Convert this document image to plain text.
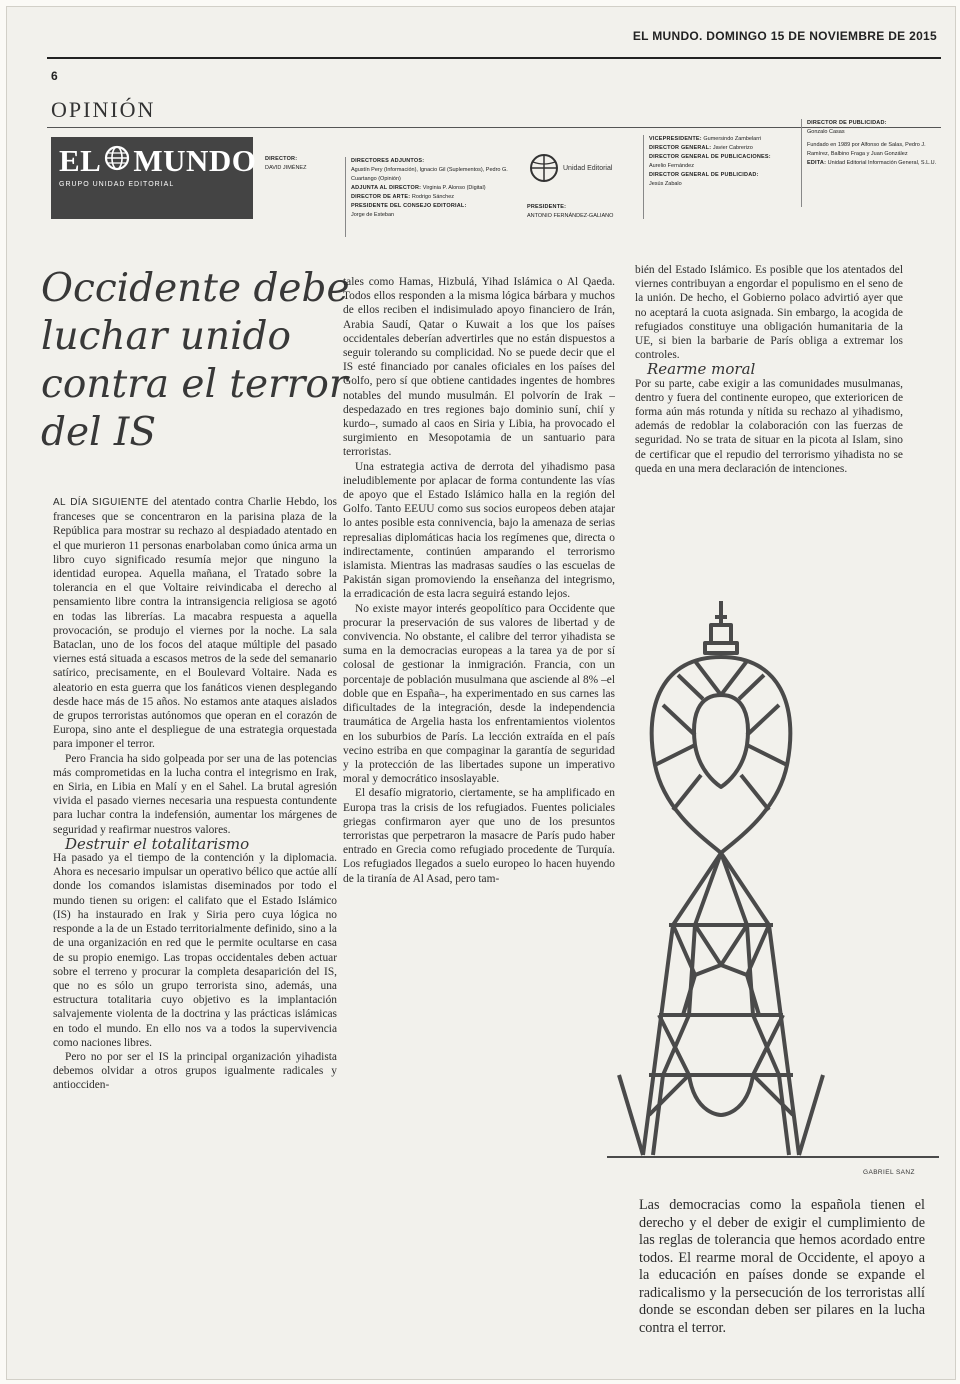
EL MUNDO. DOMINGO 15 DE NOVIEMBRE DE 2015
6
OPINIÓN
EL MUNDO
GRUPO UNIDAD EDITORIAL
DIRECTOR:
DAVID JIMÉNEZ
DIRECTORES ADJUNTOS:
Agustín Pery (Información), Ignacio Gil (Suplementos), Pedro G. Cuartango (Opinión)
ADJUNTA AL DIRECTOR: Virginia P. Alonso (Digital)
DIRECTOR DE ARTE: Rodrigo Sánchez
PRESIDENTE DEL CONSEJO EDITORIAL:
Jorge de Esteban
Unidad Editorial
PRESIDENTE:
ANTONIO FERNÁNDEZ-GALIANO
VICEPRESIDENTE: Gumersindo Zambelarri
DIRECTOR GENERAL: Javier Cabrerizo
DIRECTOR GENERAL DE PUBLICACIONES:
Aurelio Fernández
DIRECTOR GENERAL DE PUBLICIDAD:
Jesús Zabalo
DIRECTOR DE PUBLICIDAD:
Gonzalo Casas
Fundado en 1989 por Alfonso de Salas, Pedro J. Ramírez, Balbino Fraga y Juan González
EDITA: Unidad Editorial Información General, S.L.U.
Occidente debe luchar unido contra el terror del IS

AL DÍA SIGUIENTE del atentado contra Charlie Hebdo, los franceses que se concentraron en la parisina plaza de la República para mostrar su rechazo al despiadado atentado en el que murieron 11 personas enarbolaban como única arma un libro cuyo significado resumía mejor que ninguno la identidad europea. Aquella mañana, el Tratado sobre la tolerancia en el que Voltaire reivindicaba el derecho al pensamiento libre contra la intransigencia religiosa se agotó en todas las librerías. La macabra respuesta a aquella provocación, se produjo el viernes por la noche. La sala Bataclan, uno de los focos del ataque múltiple del pasado viernes está situada a escasos metros de la sede del semanario satírico, precisamente, en el Boulevard Voltaire. Nada es aleatorio en esta guerra que los fanáticos vienen desplegando desde hace más de 15 años. No estamos ante ataques aislados de grupos terroristas autónomos que operan en el corazón de Europa, sino ante el despliegue de una estrategia orquestada para imponer el terror.

Pero Francia ha sido golpeada por ser una de las potencias más comprometidas en la lucha contra el integrismo en Irak, en Siria, en Libia en Malí y en el Sahel. La brutal agresión vivida el pasado viernes necesaria una respuesta contundente para luchar contra la indefensión, aumentar los márgenes de seguridad y reafirmar nuestros valores.

Destruir el totalitarismo

Ha pasado ya el tiempo de la contención y la diplomacia. Ahora es necesario impulsar un operativo bélico que actúe allí donde los comandos islamistas diseminados por todo el mundo tienen su origen: el califato que el Estado Islámico (IS) ha instaurado en Irak y Siria pero cuya lógica no responde a la de un Estado territorialmente definido, sino a la de una organización en red que le permite ocultarse en casa de su propio enemigo. Las tropas occidentales deben actuar sobre el terreno y procurar la completa desaparición del IS, que no es sólo un grupo terrorista sino, además, una estructura totalitaria cuyo objetivo es la implantación salvajemente violenta de la doctrina y las prácticas islámicas en todo el mundo. En ello nos va a todos la supervivencia como naciones libres.

Pero no por ser el IS la principal organización yihadista debemos olvidar a otros grupos igualmente radicales y antiocciden-

tales como Hamas, Hizbulá, Yihad Islámica o Al Qaeda. Todos ellos responden a la misma lógica bárbara y muchos de ellos reciben el indisimulado apoyo financiero de Irán, Arabia Saudí, Qatar o Kuwait a los que los países occidentales deberían advertirles que no están dispuestos a seguir tolerando su complicidad. No se puede decir que el IS esté financiado por canales oficiales en los países del Golfo, pero sí que obtiene cantidades ingentes de hombres notables del mundo musulmán. El polvorín de Irak –despedazado en tres regiones bajo dominio suní, chií y kurdo–, sumado al caos en Siria y Libia, ha provocado el surgimiento en Mesopotamia de un santuario para terroristas.

Una estrategia activa de derrota del yihadismo pasa ineludiblemente por aplacar de forma contundente las vías de apoyo que el Estado Islámico halla en la región del Golfo. Tanto EEUU como sus socios europeos deben atajar lo antes posible esta connivencia, bajo la amenaza de serias represalias diplomáticas hacia los regímenes que, directa o indirectamente, continúen amparando el terrorismo islamista. Mientras las madrasas saudíes o las escuelas de Pakistán sigan promoviendo la enseñanza del integrismo, la erradicación de esta lacra seguirá estando lejos.

No existe mayor interés geopolítico para Occidente que procurar la preservación de sus valores de libertad y de convivencia. No obstante, el calibre del terror yihadista se suma en la democracias europeas a la tarea ya de por sí colosal de gestionar la inmigración. Francia, con un porcentaje de población musulmana que asciende al 8% –el doble que en España–, ha experimentado en sus carnes las dificultades de la integración, desde la independencia traumática de Argelia hasta los enfrentamientos violentos en los suburbios de París. La lección extraída en el país vecino estriba en que compaginar la garantía de seguridad y la protección de las libertades supone un imperativo moral y democrático insoslayable.

El desafío migratorio, ciertamente, se ha amplificado en Europa tras la crisis de los refugiados. Fuentes policiales griegas confirmaron ayer que uno de los presuntos terroristas que perpetraron la masacre de París pudo haber entrado en Grecia como refugiado procedente de Turquía. Los refugiados llegados a suelo europeo lo hacen huyendo de la tiranía de Al Asad, pero tam-

bién del Estado Islámico. Es posible que los atentados del viernes contribuyan a engordar el populismo en el seno de la unión. De hecho, el Gobierno polaco advirtió ayer que no aceptará la cuota asignada. Sin embargo, la acogida de refugiados constituye una obligación humanitaria de la UE, si bien la barbarie de París obliga a extremar los controles.

Rearme moral

Por su parte, cabe exigir a las comunidades musulmanas, dentro y fuera del continente europeo, que exterioricen de forma aún más rotunda y nítida su rechazo al yihadismo, además de redoblar la colaboración con las fuerzas de seguridad. No se trata de situar en la picota al Islam, sino de certificar que el repudio del terrorismo yihadista no se queda en una mera declaración de intenciones.

GABRIEL SANZ
Las democracias como la española tienen el derecho y el deber de exigir el cumplimiento de las reglas de tolerancia que hemos acordado entre todos. El rearme moral de Occidente, el apoyo a la educación en países donde se expande el radicalismo y la persecución de los terroristas allí donde se escondan deben ser pilares en la lucha contra el terror.
